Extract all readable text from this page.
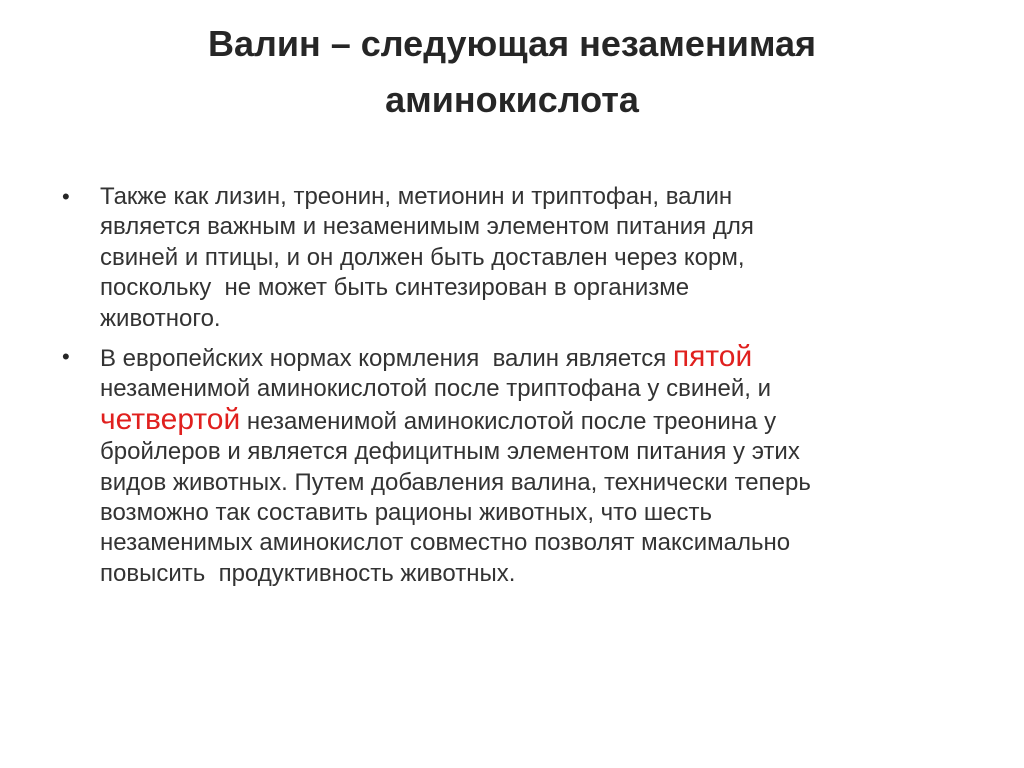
Валин – следующая незаменимая
аминокислота
• Также как лизин, треонин, метионин и триптофан, валин
является важным и незаменимым элементом питания для
свиней и птицы, и он должен быть доставлен через корм,
поскольку  не может быть синтезирован в организме
животного.
• В европейских нормах кормления  валин является пятой
незаменимой аминокислотой после триптофана у свиней, и
четвертой незаменимой аминокислотой после треонина у
бройлеров и является дефицитным элементом питания у этих
видов животных. Путем добавления валина, технически теперь
возможно так составить рационы животных, что шесть
незаменимых аминокислот совместно позволят максимально
повысить  продуктивность животных.
